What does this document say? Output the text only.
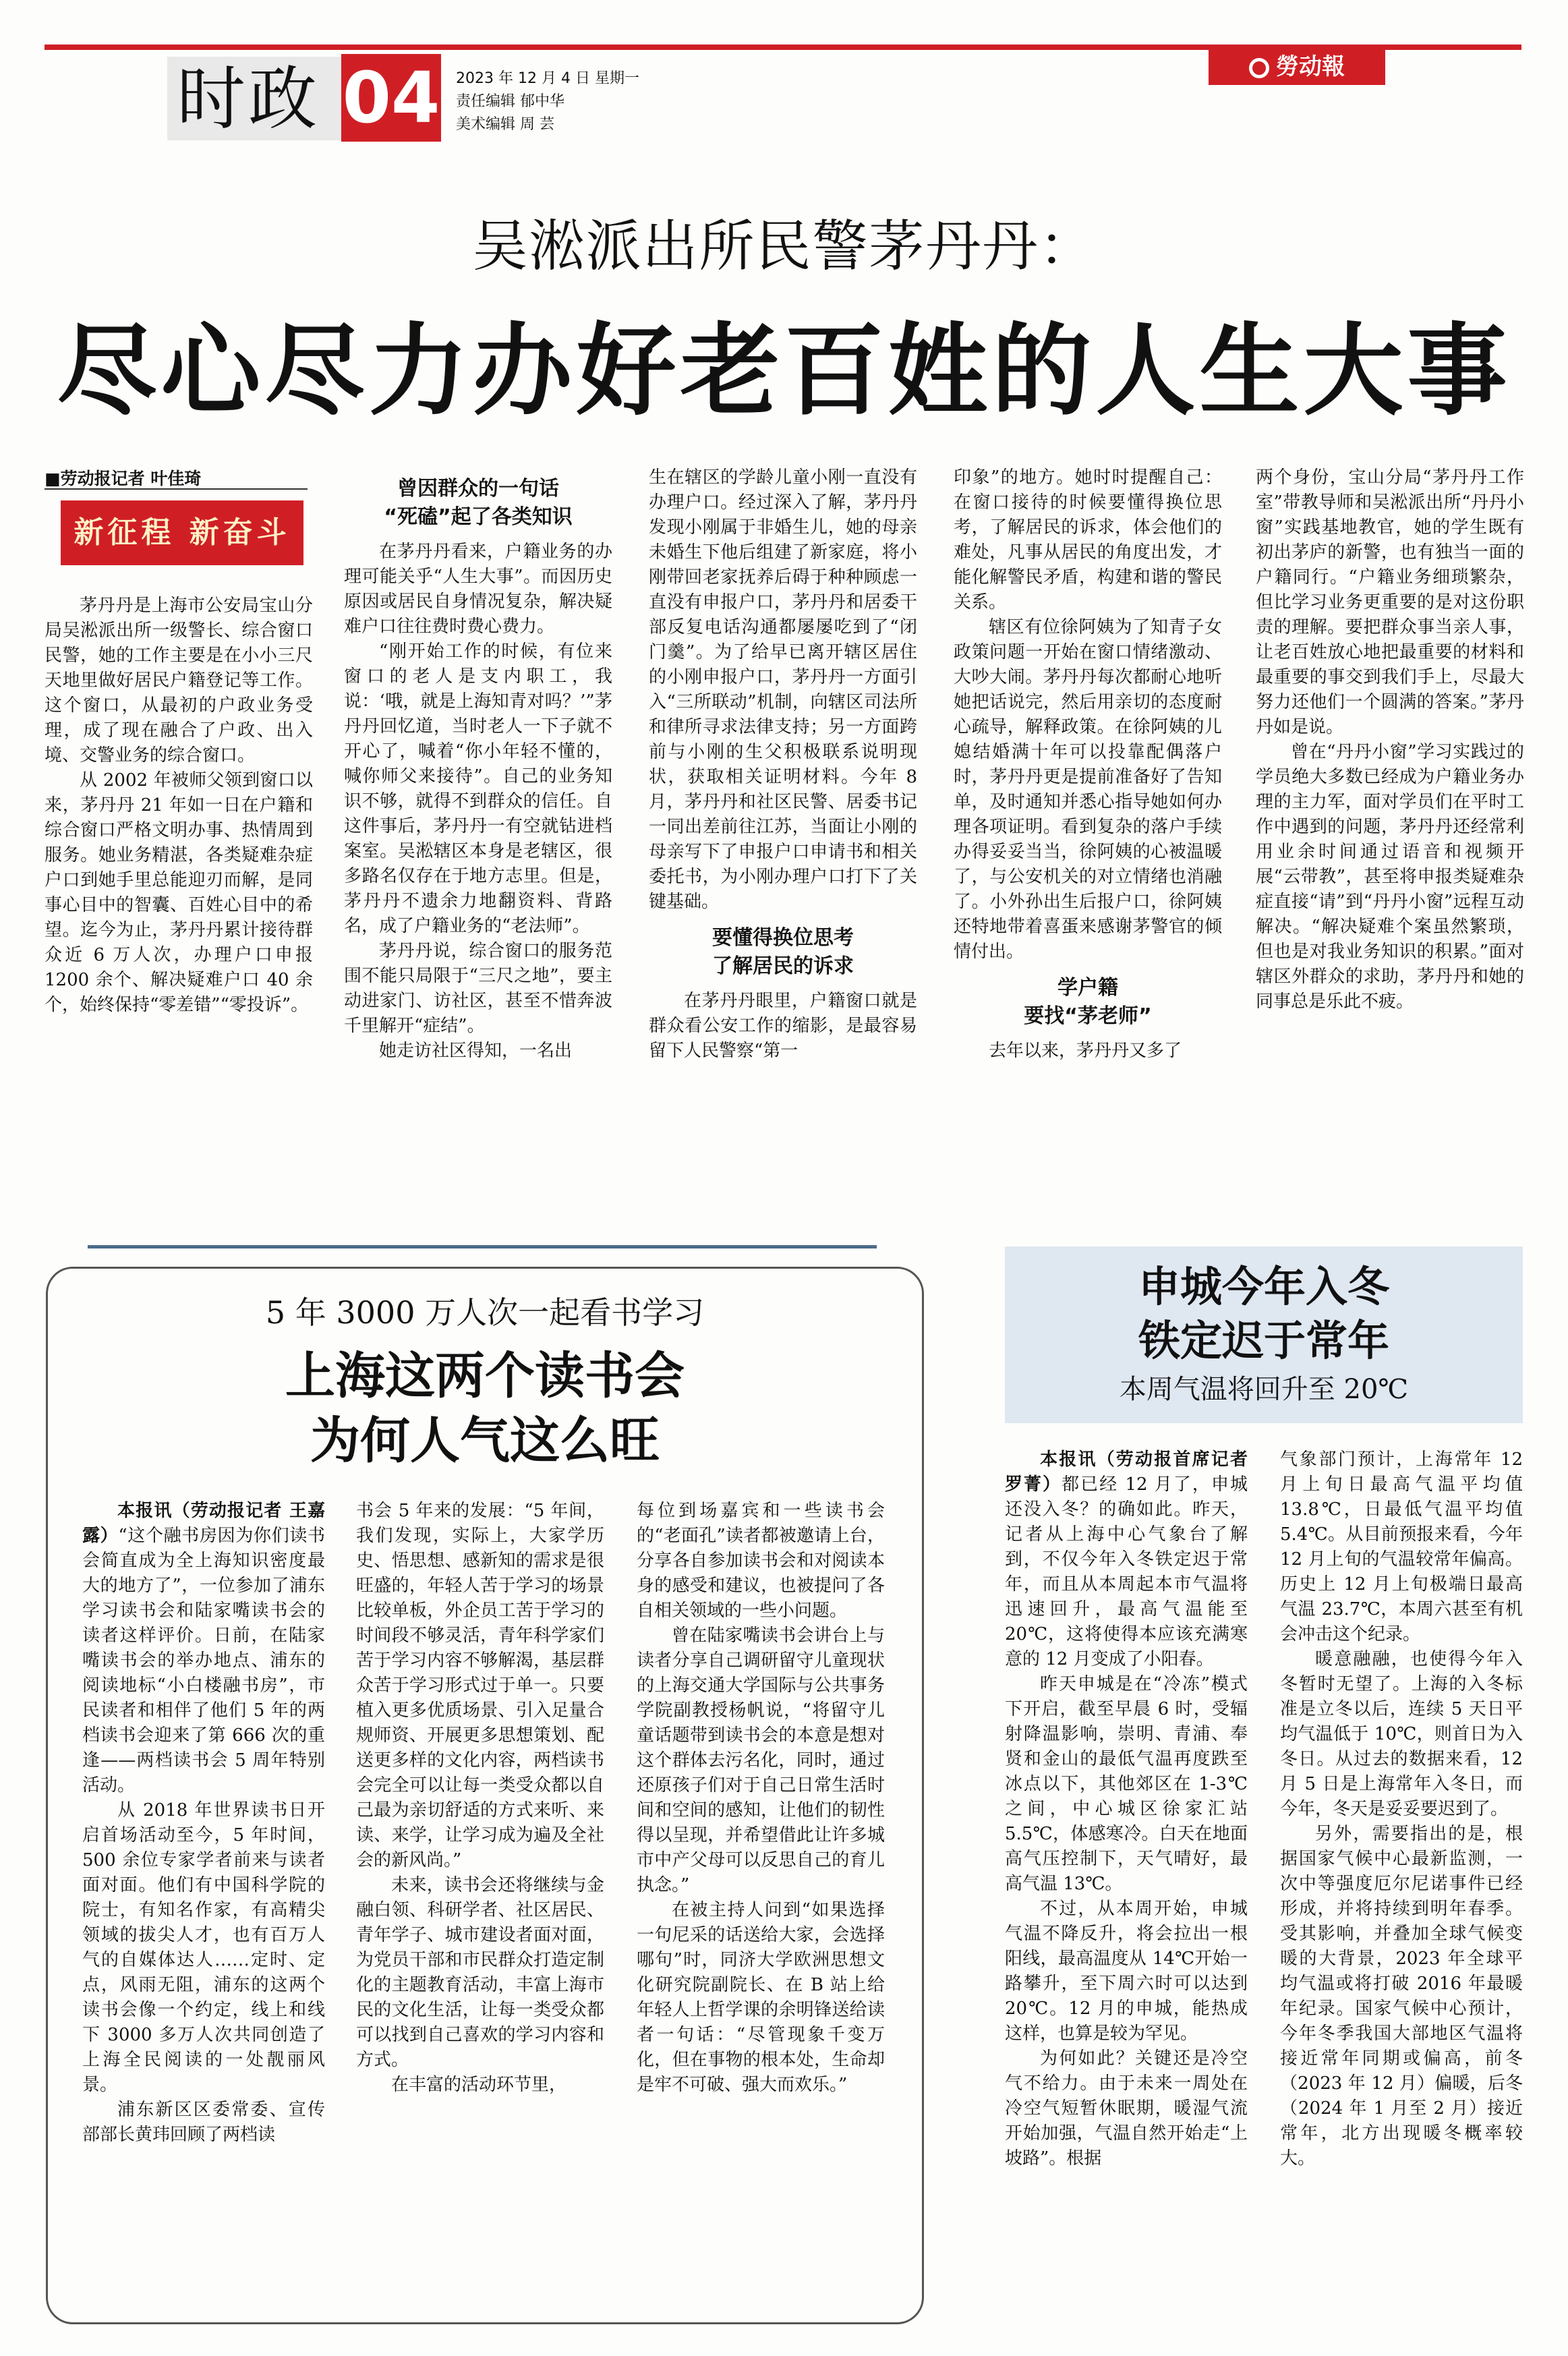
时政 04 2023 年 12 月 4 日 星期一
责任编辑 郁中华
美术编辑 周 芸
勞动報
吴淞派出所民警茅丹丹：
尽心尽力办好老百姓的人生大事
■劳动报记者 叶佳琦
新征程 新奋斗

茅丹丹是上海市公安局宝山分局吴淞派出所一级警长、综合窗口民警，她的工作主要是在小小三尺天地里做好居民户籍登记等工作。这个窗口，从最初的户政业务受理，成了现在融合了户政、出入境、交警业务的综合窗口。

从 2002 年被师父领到窗口以来，茅丹丹 21 年如一日在户籍和综合窗口严格文明办事、热情周到服务。她业务精湛，各类疑难杂症户口到她手里总能迎刃而解，是同事心目中的智囊、百姓心目中的希望。迄今为止，茅丹丹累计接待群众近 6 万人次，办理户口申报 1200 余个、解决疑难户口 40 余个，始终保持“零差错”“零投诉”。

曾因群众的一句话
“死磕”起了各类知识

在茅丹丹看来，户籍业务的办理可能关乎“人生大事”。而因历史原因或居民自身情况复杂，解决疑难户口往往费时费心费力。

“刚开始工作的时候，有位来窗口的老人是支内职工，我说：‘哦，就是上海知青对吗？’”茅丹丹回忆道，当时老人一下子就不开心了，喊着“你小年轻不懂的，喊你师父来接待”。自己的业务知识不够，就得不到群众的信任。自这件事后，茅丹丹一有空就钻进档案室。吴淞辖区本身是老辖区，很多路名仅存在于地方志里。但是，茅丹丹不遗余力地翻资料、背路名，成了户籍业务的“老法师”。

茅丹丹说，综合窗口的服务范围不能只局限于“三尺之地”，要主动进家门、访社区，甚至不惜奔波千里解开“症结”。

她走访社区得知，一名出

生在辖区的学龄儿童小刚一直没有办理户口。经过深入了解，茅丹丹发现小刚属于非婚生儿，她的母亲未婚生下他后组建了新家庭，将小刚带回老家抚养后碍于种种顾虑一直没有申报户口，茅丹丹和居委干部反复电话沟通都屡屡吃到了“闭门羹”。为了给早已离开辖区居住的小刚申报户口，茅丹丹一方面引入“三所联动”机制，向辖区司法所和律所寻求法律支持；另一方面跨前与小刚的生父积极联系说明现状，获取相关证明材料。今年 8 月，茅丹丹和社区民警、居委书记一同出差前往江苏，当面让小刚的母亲写下了申报户口申请书和相关委托书，为小刚办理户口打下了关键基础。

要懂得换位思考
了解居民的诉求

在茅丹丹眼里，户籍窗口就是群众看公安工作的缩影，是最容易留下人民警察“第一

印象”的地方。她时时提醒自己：在窗口接待的时候要懂得换位思考，了解居民的诉求，体会他们的难处，凡事从居民的角度出发，才能化解警民矛盾，构建和谐的警民关系。

辖区有位徐阿姨为了知青子女政策问题一开始在窗口情绪激动、大吵大闹。茅丹丹每次都耐心地听她把话说完，然后用亲切的态度耐心疏导，解释政策。在徐阿姨的儿媳结婚满十年可以投靠配偶落户时，茅丹丹更是提前准备好了告知单，及时通知并悉心指导她如何办理各项证明。看到复杂的落户手续办得妥妥当当，徐阿姨的心被温暖了，与公安机关的对立情绪也消融了。小外孙出生后报户口，徐阿姨还特地带着喜蛋来感谢茅警官的倾情付出。

学户籍
要找“茅老师”

去年以来，茅丹丹又多了

两个身份，宝山分局“茅丹丹工作室”带教导师和吴淞派出所“丹丹小窗”实践基地教官，她的学生既有初出茅庐的新警，也有独当一面的户籍同行。“户籍业务细琐繁杂，但比学习业务更重要的是对这份职责的理解。要把群众事当亲人事，让老百姓放心地把最重要的材料和最重要的事交到我们手上，尽最大努力还他们一个圆满的答案。”茅丹丹如是说。

曾在“丹丹小窗”学习实践过的学员绝大多数已经成为户籍业务办理的主力军，面对学员们在平时工作中遇到的问题，茅丹丹还经常利用业余时间通过语音和视频开展“云带教”，甚至将申报类疑难杂症直接“请”到“丹丹小窗”远程互动解决。“解决疑难个案虽然繁琐，但也是对我业务知识的积累。”面对辖区外群众的求助，茅丹丹和她的同事总是乐此不疲。

5 年 3000 万人次一起看书学习
上海这两个读书会
为何人气这么旺

本报讯（劳动报记者 王嘉露）“这个融书房因为你们读书会简直成为全上海知识密度最大的地方了”，一位参加了浦东学习读书会和陆家嘴读书会的读者这样评价。日前，在陆家嘴读书会的举办地点、浦东的阅读地标“小白楼融书房”，市民读者和相伴了他们 5 年的两档读书会迎来了第 666 次的重逢——两档读书会 5 周年特别活动。

从 2018 年世界读书日开启首场活动至今，5 年时间，500 余位专家学者前来与读者面对面。他们有中国科学院的院士，有知名作家，有高精尖领域的拔尖人才，也有百万人气的自媒体达人……定时、定点，风雨无阻，浦东的这两个读书会像一个约定，线上和线下 3000 多万人次共同创造了上海全民阅读的一处靓丽风景。

浦东新区区委常委、宣传部部长黄玮回顾了两档读

书会 5 年来的发展：“5 年间，我们发现，实际上，大家学历史、悟思想、感新知的需求是很旺盛的，年轻人苦于学习的场景比较单板，外企员工苦于学习的时间段不够灵活，青年科学家们苦于学习内容不够解渴，基层群众苦于学习形式过于单一。只要植入更多优质场景、引入足量合规师资、开展更多思想策划、配送更多样的文化内容，两档读书会完全可以让每一类受众都以自己最为亲切舒适的方式来听、来读、来学，让学习成为遍及全社会的新风尚。”

未来，读书会还将继续与金融白领、科研学者、社区居民、青年学子、城市建设者面对面，为党员干部和市民群众打造定制化的主题教育活动，丰富上海市民的文化生活，让每一类受众都可以找到自己喜欢的学习内容和方式。

在丰富的活动环节里，

每位到场嘉宾和一些读书会的“老面孔”读者都被邀请上台，分享各自参加读书会和对阅读本身的感受和建议，也被提问了各自相关领域的一些小问题。

曾在陆家嘴读书会讲台上与读者分享自己调研留守儿童现状的上海交通大学国际与公共事务学院副教授杨帆说，“将留守儿童话题带到读书会的本意是想对这个群体去污名化，同时，通过还原孩子们对于自己日常生活时间和空间的感知，让他们的韧性得以呈现，并希望借此让许多城市中产父母可以反思自己的育儿执念。”

在被主持人问到“如果选择一句尼采的话送给大家，会选择哪句”时，同济大学欧洲思想文化研究院副院长、在 B 站上给年轻人上哲学课的余明锋送给读者一句话：“尽管现象千变万化，但在事物的根本处，生命却是牢不可破、强大而欢乐。”

申城今年入冬
铁定迟于常年
本周气温将回升至 20℃

本报讯（劳动报首席记者 罗菁）都已经 12 月了，申城还没入冬？的确如此。昨天，记者从上海中心气象台了解到，不仅今年入冬铁定迟于常年，而且从本周起本市气温将迅速回升，最高气温能至 20℃，这将使得本应该充满寒意的 12 月变成了小阳春。

昨天申城是在“冷冻”模式下开启，截至早晨 6 时，受辐射降温影响，崇明、青浦、奉贤和金山的最低气温再度跌至冰点以下，其他郊区在 1-3℃之间，中心城区徐家汇站 5.5℃，体感寒冷。白天在地面高气压控制下，天气晴好，最高气温 13℃。

不过，从本周开始，申城气温不降反升，将会拉出一根阳线，最高温度从 14℃开始一路攀升，至下周六时可以达到 20℃。12 月的申城，能热成这样，也算是较为罕见。

为何如此？关键还是冷空气不给力。由于未来一周处在冷空气短暂休眠期，暖湿气流开始加强，气温自然开始走“上坡路”。根据

气象部门预计，上海常年 12 月上旬日最高气温平均值 13.8℃，日最低气温平均值 5.4℃。从目前预报来看，今年 12 月上旬的气温较常年偏高。历史上 12 月上旬极端日最高气温 23.7℃，本周六甚至有机会冲击这个纪录。

暖意融融，也使得今年入冬暂时无望了。上海的入冬标准是立冬以后，连续 5 天日平均气温低于 10℃，则首日为入冬日。从过去的数据来看，12 月 5 日是上海常年入冬日，而今年，冬天是妥妥要迟到了。

另外，需要指出的是，根据国家气候中心最新监测，一次中等强度厄尔尼诺事件已经形成，并将持续到明年春季。受其影响，并叠加全球气候变暖的大背景，2023 年全球平均气温或将打破 2016 年最暖年纪录。国家气候中心预计，今年冬季我国大部地区气温将接近常年同期或偏高，前冬（2023 年 12 月）偏暖，后冬（2024 年 1 月至 2 月）接近常年，北方出现暖冬概率较大。
